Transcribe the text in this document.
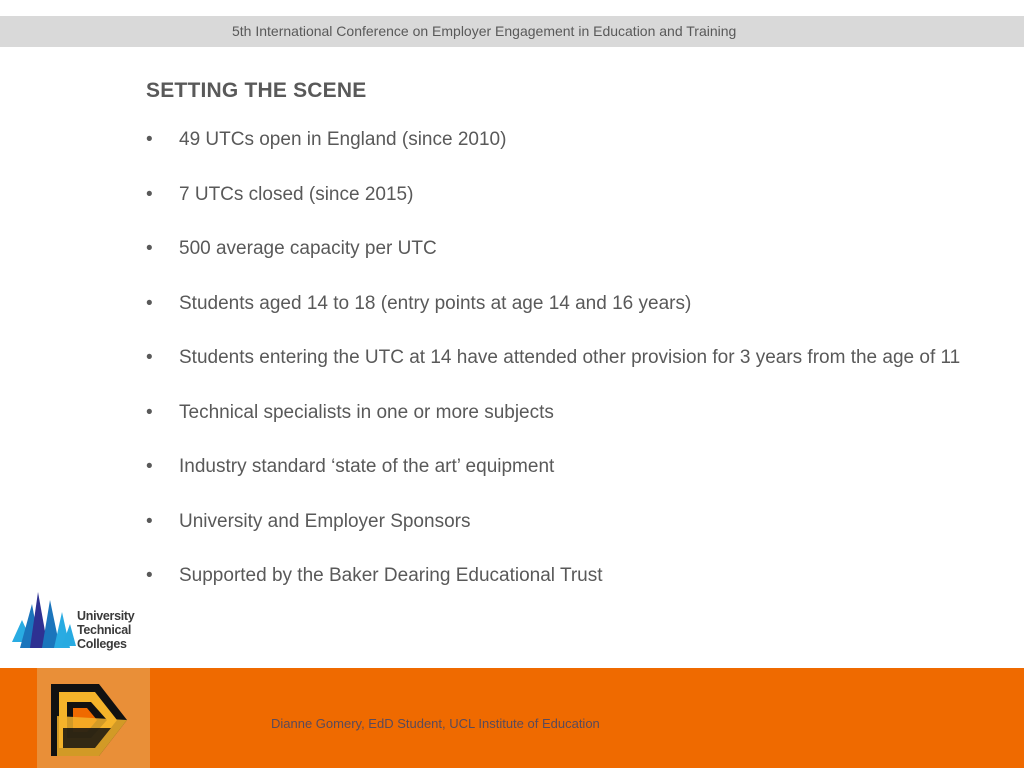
5th International Conference on Employer Engagement in Education and Training
SETTING THE SCENE
• 49 UTCs open in England (since 2010)
• 7 UTCs closed (since 2015)
• 500 average capacity per UTC
• Students aged 14 to 18 (entry points at age 14 and 16 years)
• Students entering the UTC at 14 have attended other provision for 3 years from the age of 11
• Technical specialists in one or more subjects
• Industry standard ‘state of the art’ equipment
• University and Employer Sponsors
• Supported by the Baker Dearing Educational Trust
University
Technical
Colleges
Dianne Gomery, EdD Student, UCL Institute of Education
